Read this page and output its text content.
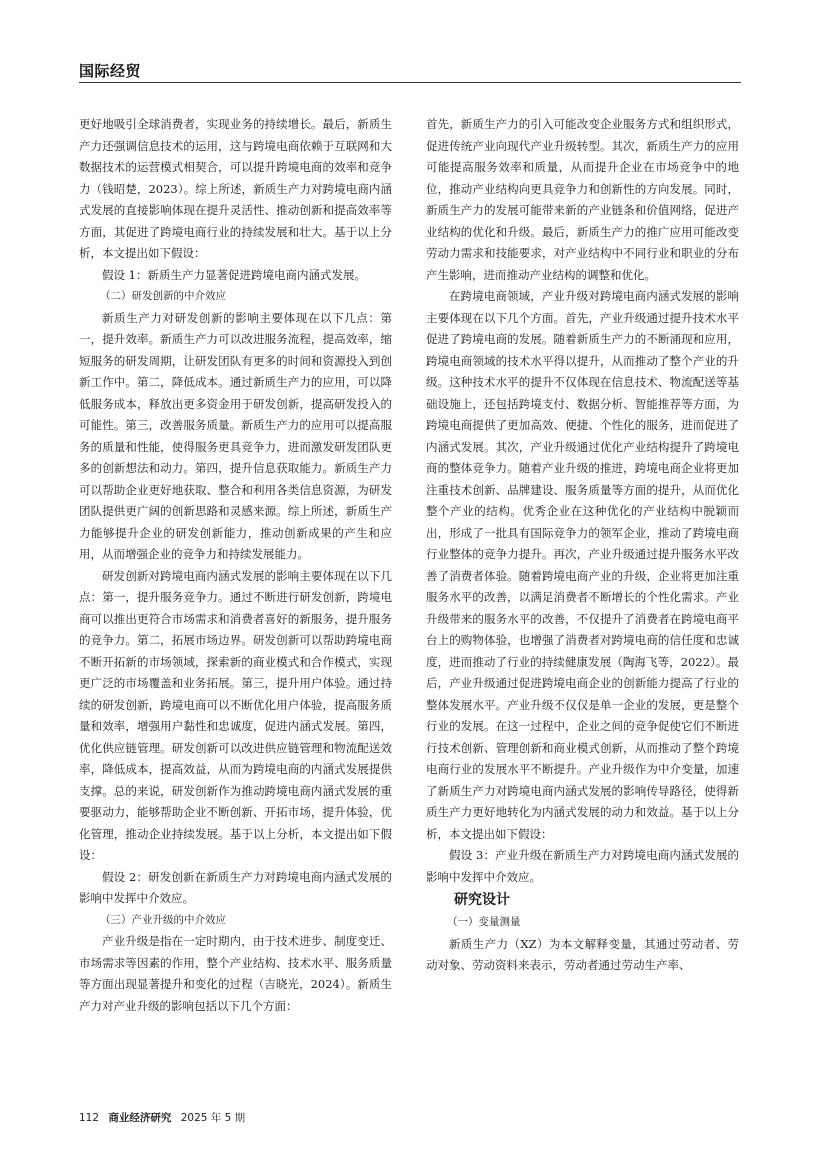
国际经贸

更好地吸引全球消费者，实现业务的持续增长。最后，新质生产力还强调信息技术的运用，这与跨境电商依赖于互联网和大数据技术的运营模式相契合，可以提升跨境电商的效率和竞争力（钱昭楚，2023）。综上所述，新质生产力对跨境电商内涵式发展的直接影响体现在提升灵活性、推动创新和提高效率等方面，其促进了跨境电商行业的持续发展和壮大。基于以上分析，本文提出如下假设：

假设 1：新质生产力显著促进跨境电商内涵式发展。

（二）研发创新的中介效应

新质生产力对研发创新的影响主要体现在以下几点：第一，提升效率。新质生产力可以改进服务流程，提高效率，缩短服务的研发周期，让研发团队有更多的时间和资源投入到创新工作中。第二，降低成本。通过新质生产力的应用，可以降低服务成本，释放出更多资金用于研发创新，提高研发投入的可能性。第三，改善服务质量。新质生产力的应用可以提高服务的质量和性能，使得服务更具竞争力，进而激发研发团队更多的创新想法和动力。第四，提升信息获取能力。新质生产力可以帮助企业更好地获取、整合和利用各类信息资源，为研发团队提供更广阔的创新思路和灵感来源。综上所述，新质生产力能够提升企业的研发创新能力，推动创新成果的产生和应用，从而增强企业的竞争力和持续发展能力。

研发创新对跨境电商内涵式发展的影响主要体现在以下几点：第一，提升服务竞争力。通过不断进行研发创新，跨境电商可以推出更符合市场需求和消费者喜好的新服务，提升服务的竞争力。第二，拓展市场边界。研发创新可以帮助跨境电商不断开拓新的市场领域，探索新的商业模式和合作模式，实现更广泛的市场覆盖和业务拓展。第三，提升用户体验。通过持续的研发创新，跨境电商可以不断优化用户体验，提高服务质量和效率，增强用户黏性和忠诚度，促进内涵式发展。第四，优化供应链管理。研发创新可以改进供应链管理和物流配送效率，降低成本，提高效益，从而为跨境电商的内涵式发展提供支撑。总的来说，研发创新作为推动跨境电商内涵式发展的重要驱动力，能够帮助企业不断创新、开拓市场，提升体验，优化管理，推动企业持续发展。基于以上分析，本文提出如下假设：

假设 2：研发创新在新质生产力对跨境电商内涵式发展的影响中发挥中介效应。

（三）产业升级的中介效应

产业升级是指在一定时期内，由于技术进步、制度变迁、市场需求等因素的作用，整个产业结构、技术水平、服务质量等方面出现显著提升和变化的过程（吉晓光，2024）。新质生产力对产业升级的影响包括以下几个方面：

首先，新质生产力的引入可能改变企业服务方式和组织形式，促进传统产业向现代产业升级转型。其次，新质生产力的应用可能提高服务效率和质量，从而提升企业在市场竞争中的地位，推动产业结构向更具竞争力和创新性的方向发展。同时，新质生产力的发展可能带来新的产业链条和价值网络，促进产业结构的优化和升级。最后，新质生产力的推广应用可能改变劳动力需求和技能要求，对产业结构中不同行业和职业的分布产生影响，进而推动产业结构的调整和优化。

在跨境电商领域，产业升级对跨境电商内涵式发展的影响主要体现在以下几个方面。首先，产业升级通过提升技术水平促进了跨境电商的发展。随着新质生产力的不断涌现和应用，跨境电商领域的技术水平得以提升，从而推动了整个产业的升级。这种技术水平的提升不仅体现在信息技术、物流配送等基础设施上，还包括跨境支付、数据分析、智能推荐等方面，为跨境电商提供了更加高效、便捷、个性化的服务，进而促进了内涵式发展。其次，产业升级通过优化产业结构提升了跨境电商的整体竞争力。随着产业升级的推进，跨境电商企业将更加注重技术创新、品牌建设、服务质量等方面的提升，从而优化整个产业的结构。优秀企业在这种优化的产业结构中脱颖而出，形成了一批具有国际竞争力的领军企业，推动了跨境电商行业整体的竞争力提升。再次，产业升级通过提升服务水平改善了消费者体验。随着跨境电商产业的升级，企业将更加注重服务水平的改善，以满足消费者不断增长的个性化需求。产业升级带来的服务水平的改善，不仅提升了消费者在跨境电商平台上的购物体验，也增强了消费者对跨境电商的信任度和忠诚度，进而推动了行业的持续健康发展（陶海飞等，2022）。最后，产业升级通过促进跨境电商企业的创新能力提高了行业的整体发展水平。产业升级不仅仅是单一企业的发展，更是整个行业的发展。在这一过程中，企业之间的竞争促使它们不断进行技术创新、管理创新和商业模式创新，从而推动了整个跨境电商行业的发展水平不断提升。产业升级作为中介变量，加速了新质生产力对跨境电商内涵式发展的影响传导路径，使得新质生产力更好地转化为内涵式发展的动力和效益。基于以上分析，本文提出如下假设：

假设 3：产业升级在新质生产力对跨境电商内涵式发展的影响中发挥中介效应。

研究设计

（一）变量测量

新质生产力（XZ）为本文解释变量，其通过劳动者、劳动对象、劳动资料来表示，劳动者通过劳动生产率、

112 商业经济研究 2025 年 5 期
